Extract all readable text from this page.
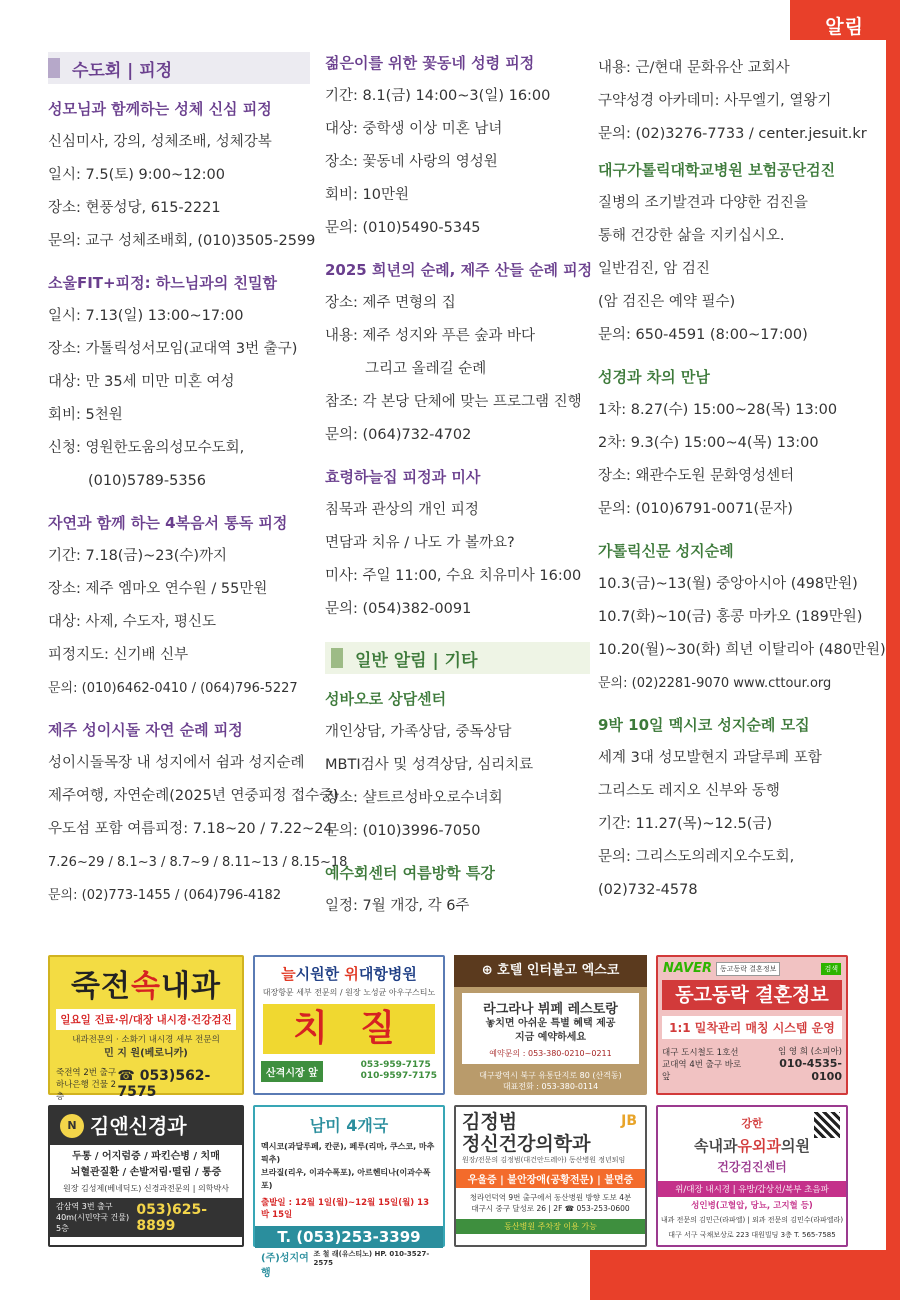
알림
수도회 | 피정
성모님과 함께하는 성체 신심 피정
신심미사, 강의, 성체조배, 성체강복
일시: 7.5(토) 9:00~12:00
장소: 현풍성당, 615-2221
문의: 교구 성체조배회, (010)3505-2599
소울FIT+피정: 하느님과의 친밀함
일시: 7.13(일) 13:00~17:00
장소: 가톨릭성서모임(교대역 3번 출구)
대상: 만 35세 미만 미혼 여성
회비: 5천원
신청: 영원한도움의성모수도회,
(010)5789-5356
자연과 함께 하는 4복음서 통독 피정
기간: 7.18(금)~23(수)까지
장소: 제주 엠마오 연수원 / 55만원
대상: 사제, 수도자, 평신도
피정지도: 신기배 신부
문의: (010)6462-0410 / (064)796-5227
제주 성이시돌 자연 순례 피정
성이시돌목장 내 성지에서 쉼과 성지순례
제주여행, 자연순례(2025년 연중피정 접수중)
우도섬 포함 여름피정: 7.18~20 / 7.22~24
7.26~29 / 8.1~3 / 8.7~9 / 8.11~13 / 8.15~18
문의: (02)773-1455 / (064)796-4182
젊은이를 위한 꽃동네 성령 피정
기간: 8.1(금) 14:00~3(일) 16:00
대상: 중학생 이상 미혼 남녀
장소: 꽃동네 사랑의 영성원
회비: 10만원
문의: (010)5490-5345
2025 희년의 순례, 제주 산들 순례 피정
장소: 제주 면형의 집
내용: 제주 성지와 푸른 숲과 바다
그리고 올레길 순례
참조: 각 본당 단체에 맞는 프로그램 진행
문의: (064)732-4702
효령하늘집 피정과 미사
침묵과 관상의 개인 피정
면담과 치유 / 나도 가 볼까요?
미사: 주일 11:00, 수요 치유미사 16:00
문의: (054)382-0091
일반 알림 | 기타
성바오로 상담센터
개인상담, 가족상담, 중독상담
MBTI검사 및 성격상담, 심리치료
장소: 샬트르성바오로수녀회
문의: (010)3996-7050
예수회센터 여름방학 특강
일정: 7월 개강, 각 6주
내용: 근/현대 문화유산 교회사
구약성경 아카데미: 사무엘기, 열왕기
문의: (02)3276-7733 / center.jesuit.kr
대구가톨릭대학교병원 보험공단검진
질병의 조기발견과 다양한 검진을
통해 건강한 삶을 지키십시오.
일반검진, 암 검진
(암 검진은 예약 필수)
문의: 650-4591 (8:00~17:00)
성경과 차의 만남
1차: 8.27(수) 15:00~28(목) 13:00
2차: 9.3(수) 15:00~4(목) 13:00
장소: 왜관수도원 문화영성센터
문의: (010)6791-0071(문자)
가톨릭신문 성지순례
10.3(금)~13(월) 중앙아시아 (498만원)
10.7(화)~10(금) 홍콩 마카오 (189만원)
10.20(월)~30(화) 희년 이탈리아 (480만원)
문의: (02)2281-9070 www.cttour.org
9박 10일 멕시코 성지순례 모집
세계 3대 성모발현지 과달루페 포함
그리스도 레지오 신부와 동행
기간: 11.27(목)~12.5(금)
문의: 그리스도의레지오수도회,
(02)732-4578
죽전속내과
일요일 진료·위/대장 내시경·건강검진
내과전문의 · 소화기 내시경 세부 전문의
민 지 원(베로니카)
죽전역 2번 출구
하나은행 건물 2층
☎ 053)562-7575
늘시원한 위대항병원
대장항문 세부 전문의 / 원장 노성균 아우구스티노
치 질
산격시장 앞
053-959-7175
010-9597-7175
⊕ 호텔 인터불고 엑스코
라그라나 뷔페 레스토랑
놓치면 아쉬운 특별 혜택 제공
지금 예약하세요
예약문의 : 053-380-0210~0211
대구광역시 북구 유통단지로 80 (산격동)
대표전화 : 053-380-0114
NAVER	동고동락 결혼정보	검색
동고동락 결혼정보
1:1 밀착관리 매칭 시스템 운영
대구 도시철도 1호선
교대역 4번 출구 바로 앞
임 영 희 (소피아)
010-4535-0100
N 김앤신경과
두통 / 어지럼증 / 파킨슨병 / 치매
뇌혈관질환 / 손발저림·떨림 / 통증
원장 김성제(베네딕도) 신경과전문의 | 의학박사
감삼역 3번 출구
40m(시민약국 건물) 5층
053)625-8899
남미 4개국
멕시코(과달루페, 칸쿤), 페루(리마, 쿠스코, 마추픽추)
브라질(리우, 이과수폭포), 아르헨티나(이과수폭포)
출발일 : 12월 1일(월)~12월 15일(월) 13박 15일
T. (053)253-3399
(주)성지여행
조 철 래(유스티노) HP. 010-3527-2575
김정범
정신건강의학과
JB
원장/전문의 김정범(대건안드레아) 동산병원 정년퇴임
우울증 | 불안장애(공황전문) | 불면증
청라언덕역 9번 출구에서 동산병원 방향 도보 4분
대구시 중구 달성로 26 | 2F ☎ 053-253-0600
동산병원 주차장 이용 가능
강한
속내과유외과의원
건강검진센터
위/대장 내시경 | 유방/갑상선/복부 초음파
성인병(고혈압, 당뇨, 고지혈 등)
내과 전문의 김민근(라파엘) | 외과 전문의 김민수(라파엘라)
대구 서구 국채보상로 223 대원빌딩 3층 T. 565-7585
